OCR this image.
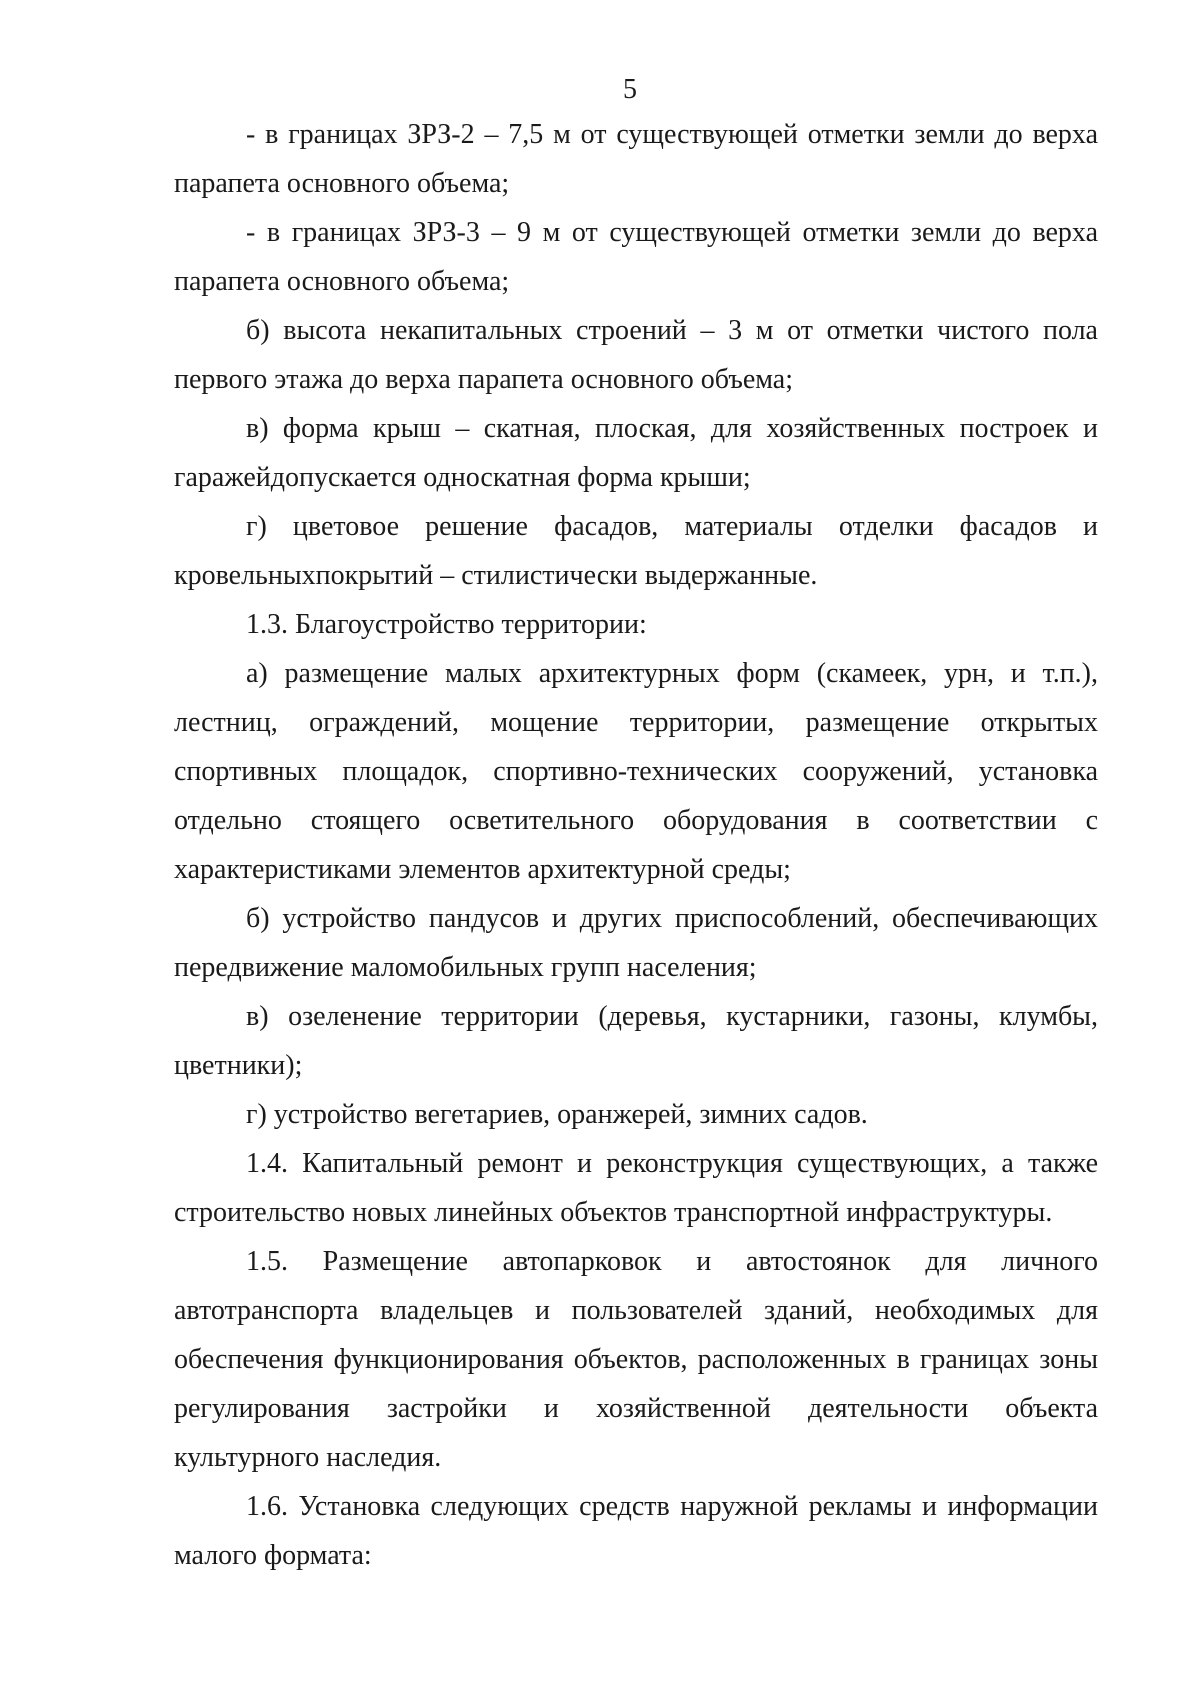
5

- в границах ЗРЗ-2 – 7,5 м от существующей отметки земли до верха парапета основного объема;

- в границах ЗРЗ-3 – 9 м от существующей отметки земли до верха парапета основного объема;

б) высота некапитальных строений – 3 м от отметки чистого пола первого этажа до верха парапета основного объема;

в) форма крыш – скатная, плоская, для хозяйственных построек и гаражейдопускается односкатная форма крыши;

г) цветовое решение фасадов, материалы отделки фасадов и кровельныхпокрытий – стилистически выдержанные.

1.3. Благоустройство территории:

а) размещение малых архитектурных форм (скамеек, урн, и т.п.), лестниц, ограждений, мощение территории, размещение открытых спортивных площадок, спортивно-технических сооружений, установка отдельно стоящего осветительного оборудования в соответствии с характеристиками элементов архитектурной среды;

б) устройство пандусов и других приспособлений, обеспечивающих передвижение маломобильных групп населения;

в) озеленение территории (деревья, кустарники, газоны, клумбы, цветники);

г) устройство вегетариев, оранжерей, зимних садов.

1.4. Капитальный ремонт и реконструкция существующих, а также строительство новых линейных объектов транспортной инфраструктуры.

1.5. Размещение автопарковок и автостоянок для личного автотранспорта владельцев и пользователей зданий, необходимых для обеспечения функционирования объектов, расположенных в границах зоны регулирования застройки и хозяйственной деятельности объекта культурного наследия.

1.6. Установка следующих средств наружной рекламы и информации малого формата:
